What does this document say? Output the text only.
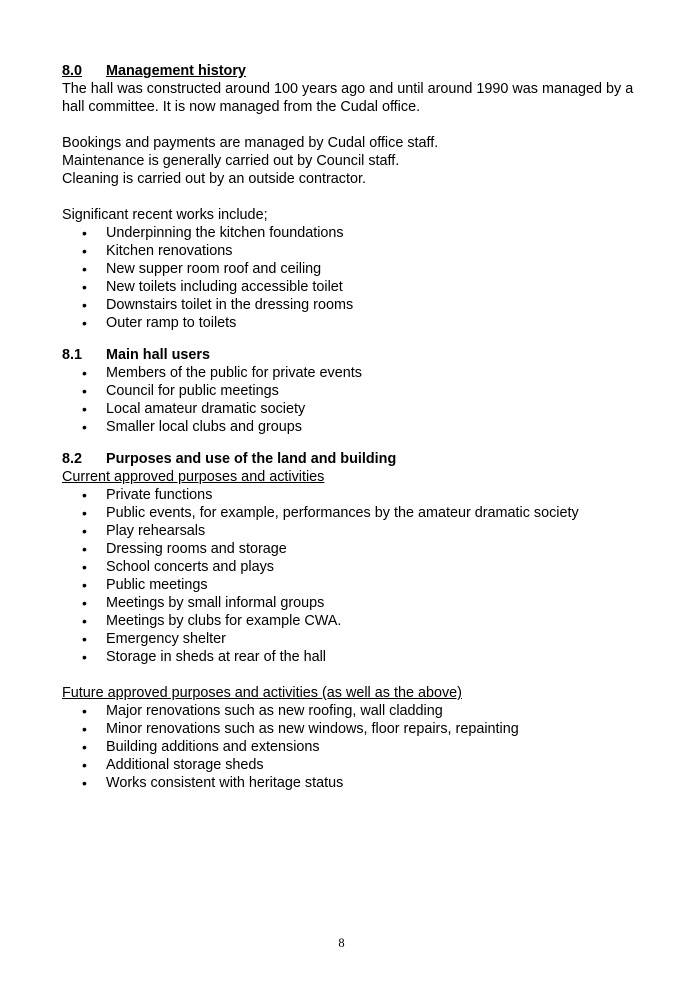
8.0	Management history

The hall was constructed around 100 years ago and until around 1990 was managed by a hall committee. It is now managed from the Cudal office.

Bookings and payments are managed by Cudal office staff.

Maintenance is generally carried out by Council staff.

Cleaning is carried out by an outside contractor.

Significant recent works include;

• Underpinning the kitchen foundations
• Kitchen renovations
• New supper room roof and ceiling
• New toilets including accessible toilet
• Downstairs toilet in the dressing rooms
• Outer ramp to toilets
8.1	Main hall users
• Members of the public for private events
• Council for public meetings
• Local amateur dramatic society
• Smaller local clubs and groups
8.2	Purposes and use of the land and building

Current approved purposes and activities

• Private functions
• Public events, for example, performances by the amateur dramatic society
• Play rehearsals
• Dressing rooms and storage
• School concerts and plays
• Public meetings
• Meetings by small informal groups
• Meetings by clubs for example CWA.
• Emergency shelter
• Storage in sheds at rear of the hall

Future approved purposes and activities (as well as the above)

• Major renovations such as new roofing, wall cladding
• Minor renovations such as new windows, floor repairs, repainting
• Building additions and extensions
• Additional storage sheds
• Works consistent with heritage status
8
